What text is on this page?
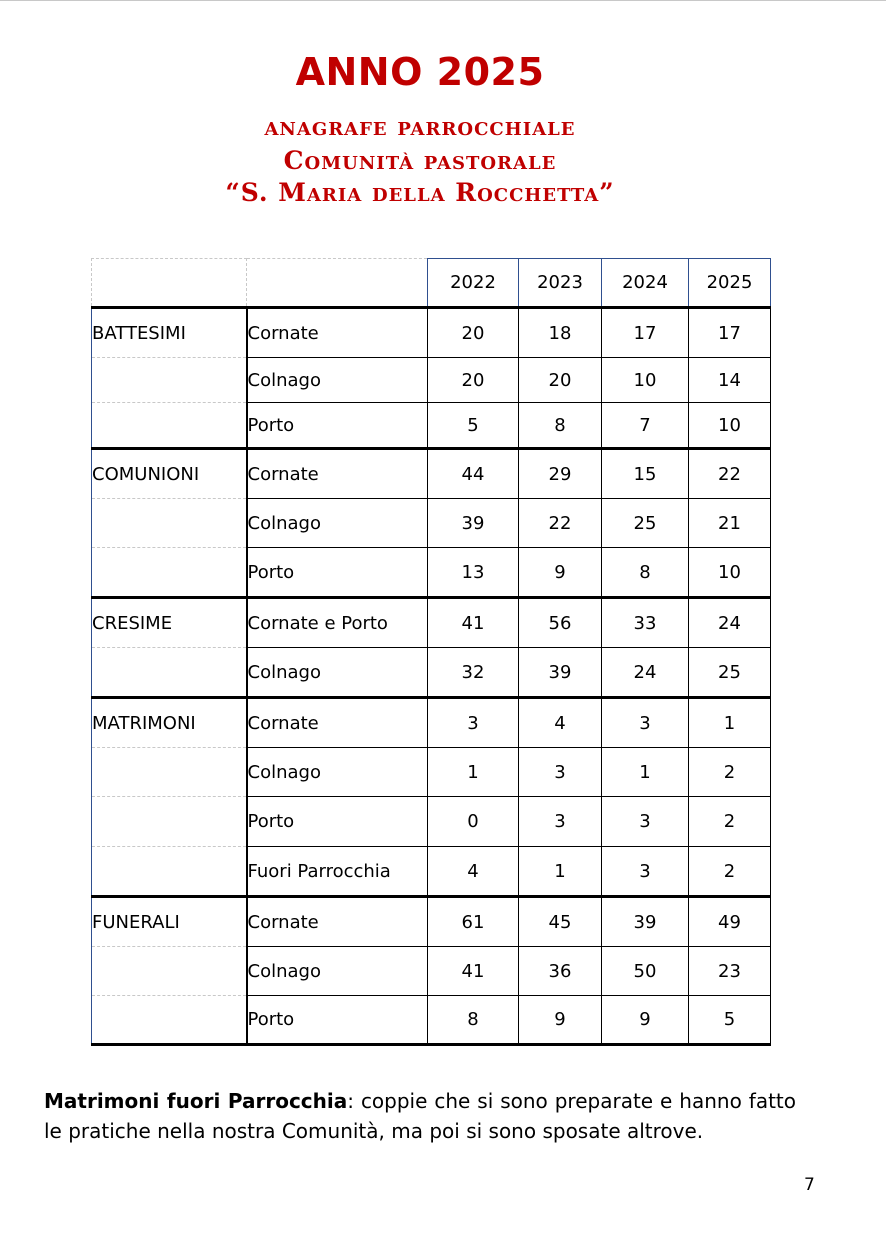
ANNO 2025
anagrafe parrocchiale
Comunità pastorale
“S. Maria della Rocchetta”
		2022	2023	2024	2025
BATTESIMI	Cornate	20	18	17	17
	Colnago	20	20	10	14
	Porto	5	8	7	10
COMUNIONI	Cornate	44	29	15	22
	Colnago	39	22	25	21
	Porto	13	9	8	10
CRESIME	Cornate e Porto	41	56	33	24
	Colnago	32	39	24	25
MATRIMONI	Cornate	3	4	3	1
	Colnago	1	3	1	2
	Porto	0	3	3	2
	Fuori Parrocchia	4	1	3	2
FUNERALI	Cornate	61	45	39	49
	Colnago	41	36	50	23
	Porto	8	9	9	5
Matrimoni fuori Parrocchia: coppie che si sono preparate e hanno fatto le pratiche nella nostra Comunità, ma poi si sono sposate altrove.
7
